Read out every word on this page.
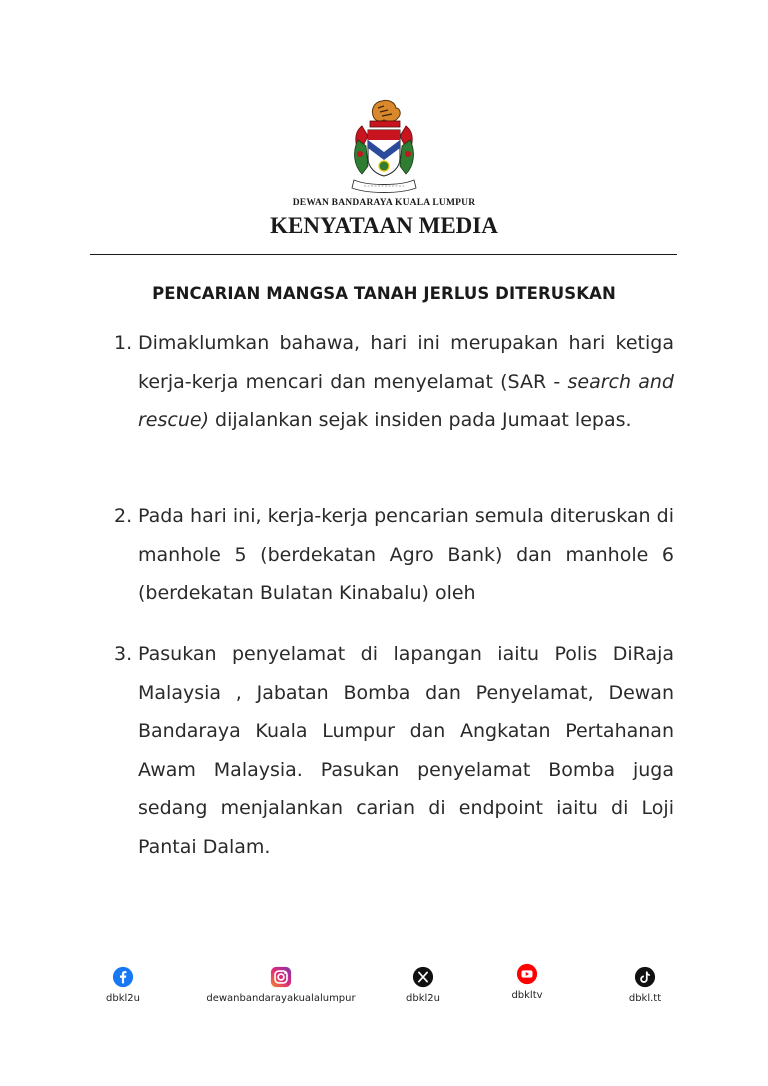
DEWAN BANDARAYA KUALA LUMPUR
KENYATAAN MEDIA
PENCARIAN MANGSA TANAH JERLUS DITERUSKAN
1. Dimaklumkan bahawa, hari ini merupakan hari ketiga kerja-kerja mencari dan menyelamat (SAR - search and rescue) dijalankan sejak insiden pada Jumaat lepas.
2. Pada hari ini, kerja-kerja pencarian semula diteruskan di manhole 5 (berdekatan Agro Bank) dan manhole 6 (berdekatan Bulatan Kinabalu) oleh
3. Pasukan penyelamat di lapangan iaitu Polis DiRaja Malaysia , Jabatan Bomba dan Penyelamat, Dewan Bandaraya Kuala Lumpur dan Angkatan Pertahanan Awam Malaysia. Pasukan penyelamat Bomba juga sedang menjalankan carian di endpoint iaitu di Loji Pantai Dalam.
dbkl2u	dewanbandarayakualalumpur	dbkl2u	dbkltv	dbkl.tt
